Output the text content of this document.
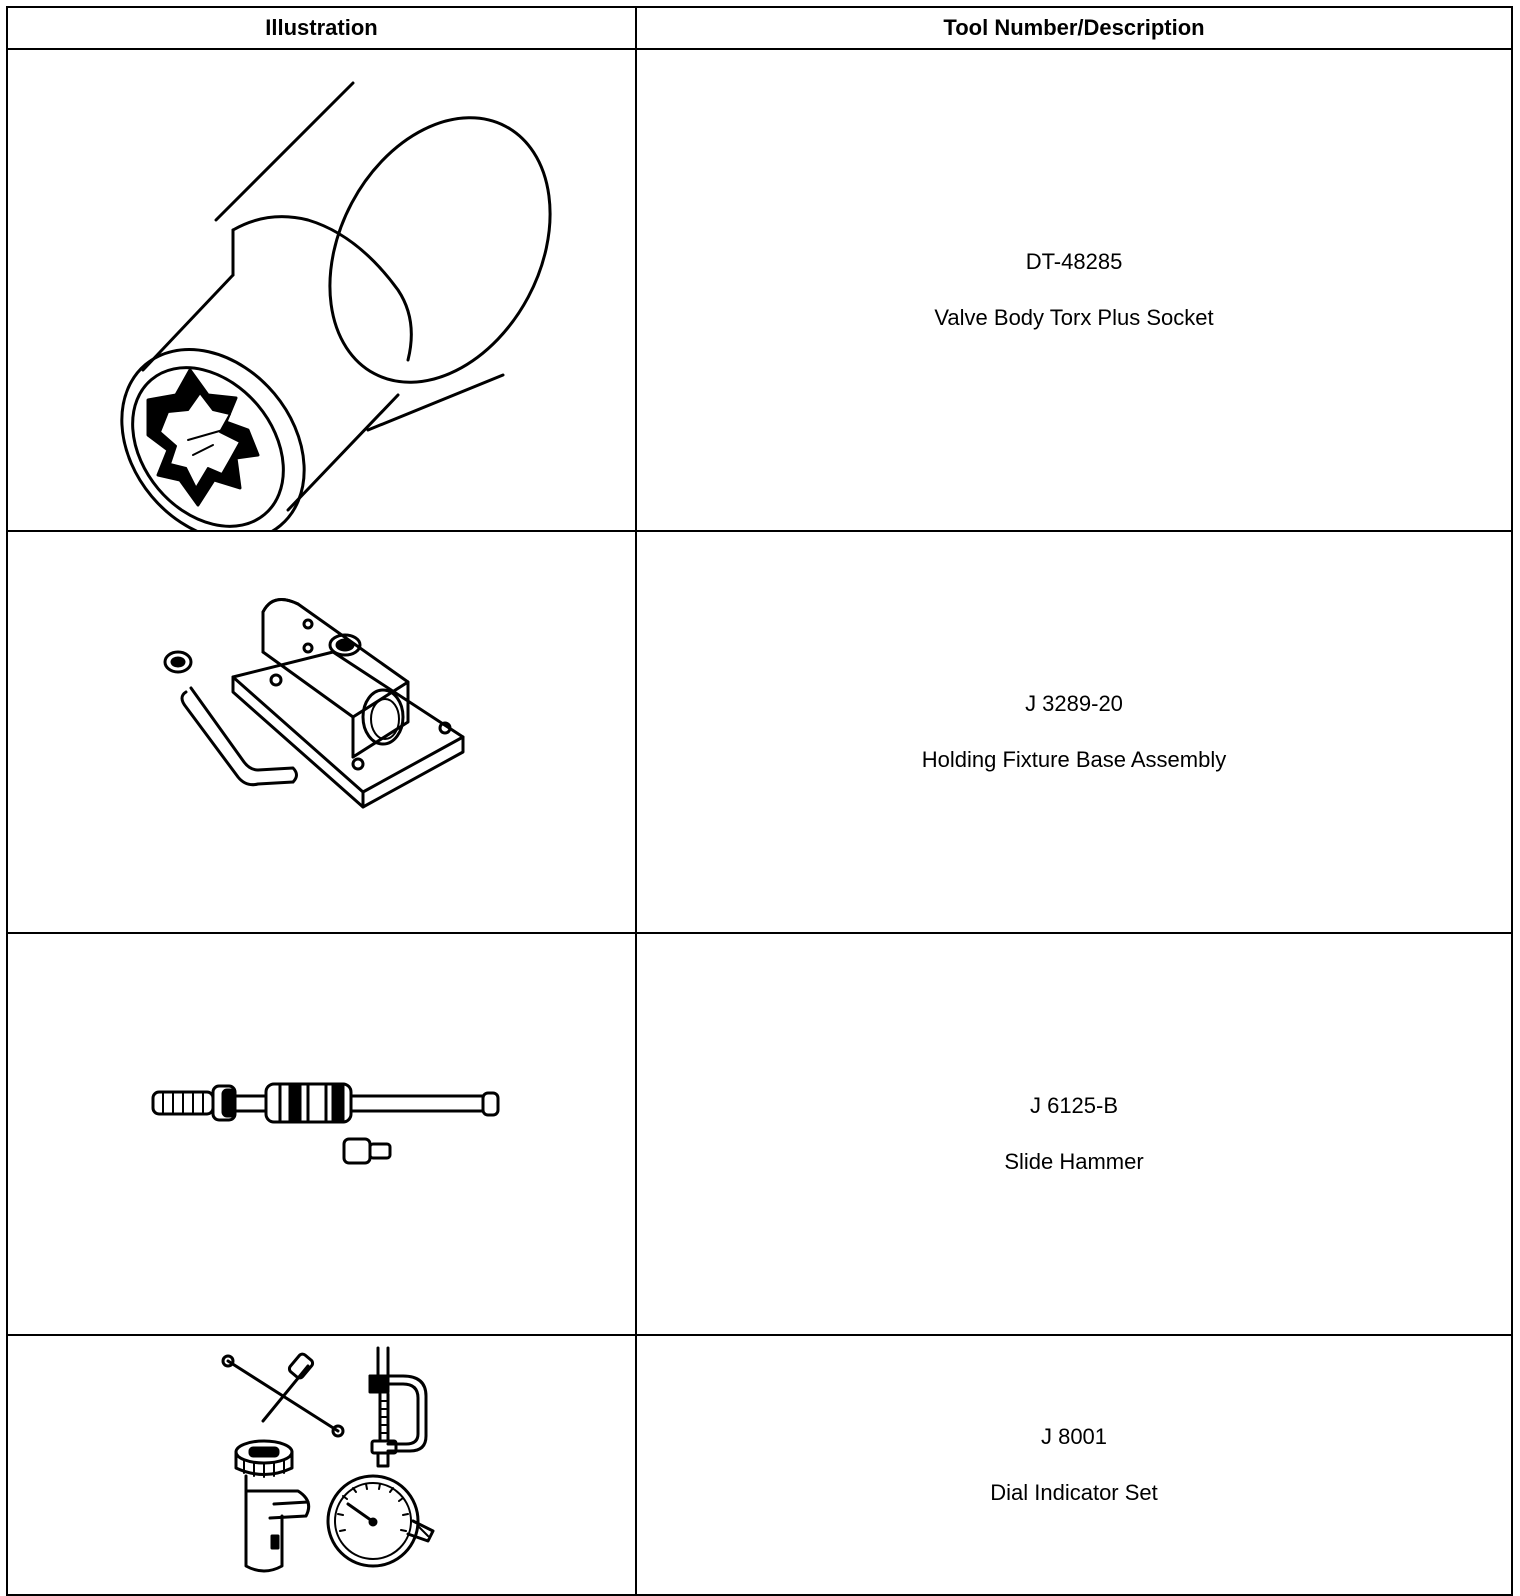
Illustration	Tool Number/Description

DT-48285
Valve Body Torx Plus Socket

J 3289-20
Holding Fixture Base Assembly

J 6125-B
Slide Hammer

J 8001
Dial Indicator Set
